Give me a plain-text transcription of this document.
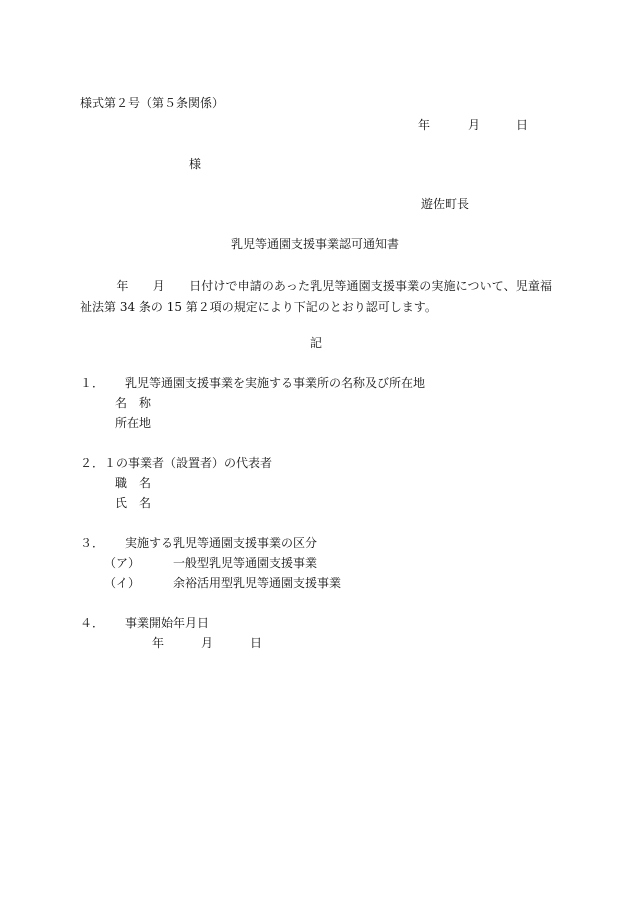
様式第２号（第５条関係）
年	月	日
様
遊佐町長
乳児等通園支援事業認可通知書
　　　年　　月　　日付けで申請のあった乳児等通園支援事業の実施について、児童福祉法第 34 条の 15 第２項の規定により下記のとおり認可します。
記
１． 乳児等通園支援事業を実施する事業所の名称及び所在地
名　称
所在地
２． １の事業者（設置者）の代表者
職　名
氏　名
３． 実施する乳児等通園支援事業の区分
（ア）	一般型乳児等通園支援事業
（イ）	余裕活用型乳児等通園支援事業
４． 事業開始年月日
年	月	日
